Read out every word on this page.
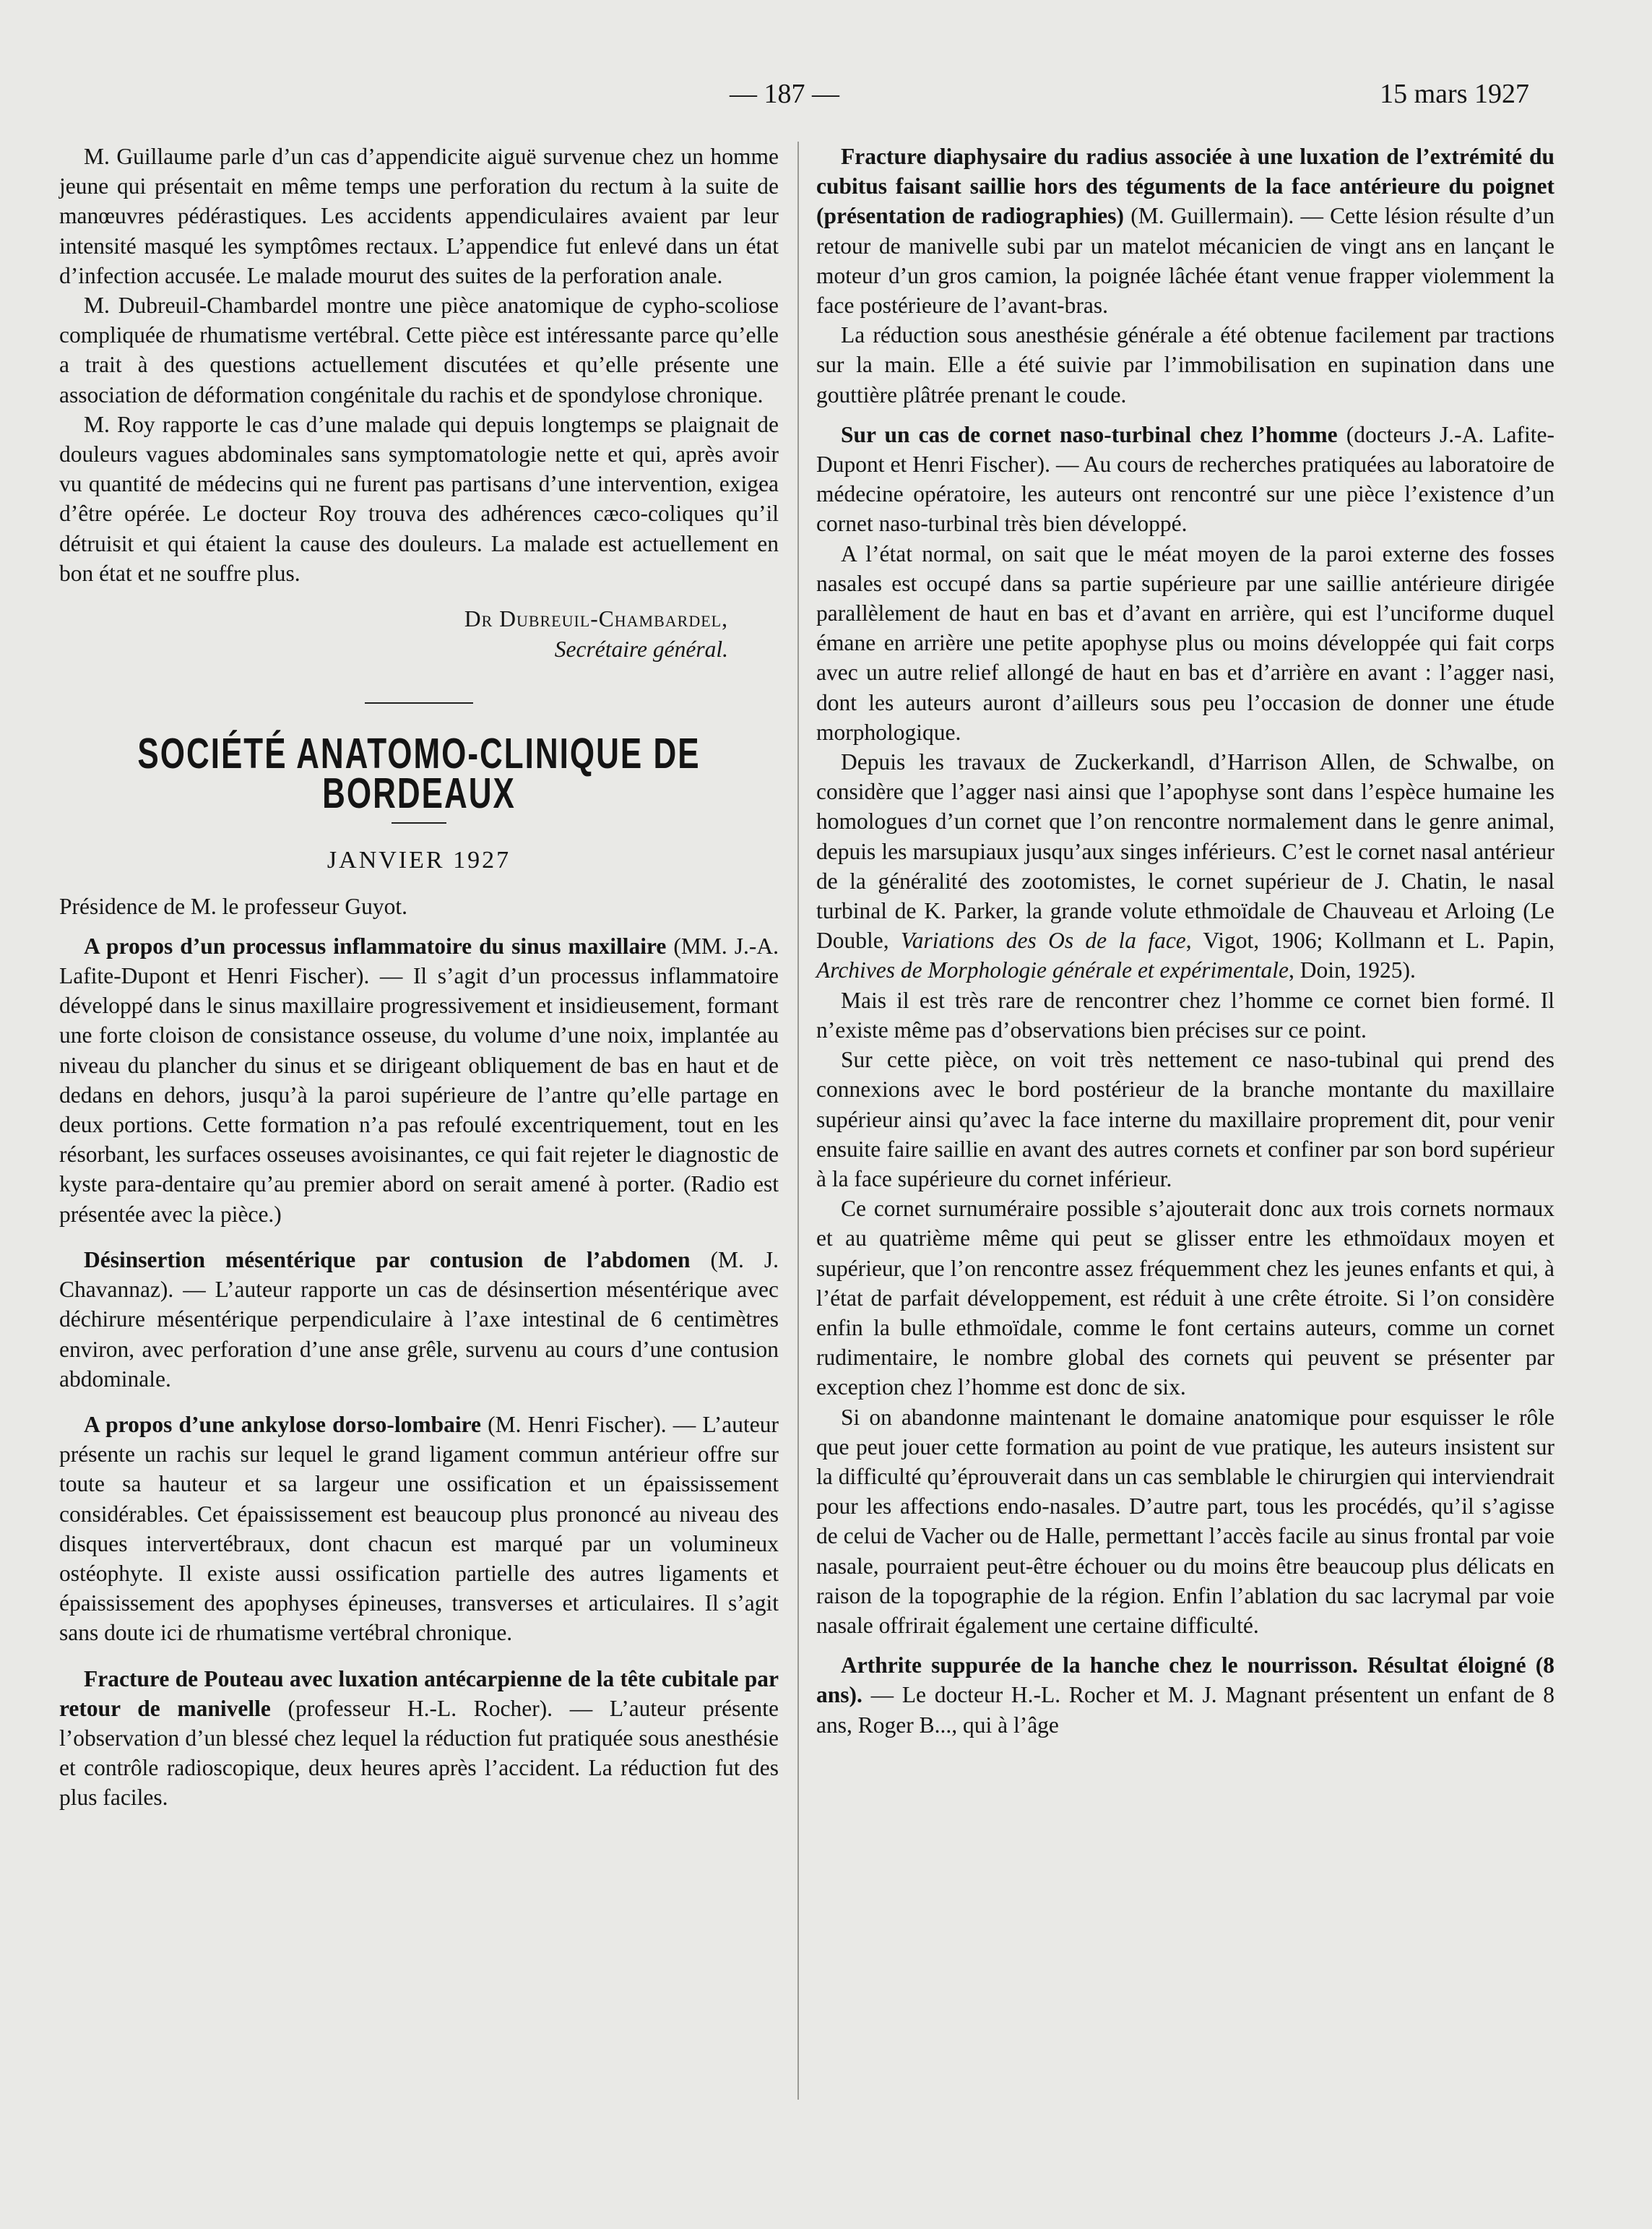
— 187 —	15 mars 1927

M. Guillaume parle d’un cas d’appendicite aiguë survenue chez un homme jeune qui présentait en même temps une perforation du rectum à la suite de manœuvres pédérastiques. Les accidents appendiculaires avaient par leur intensité masqué les symptômes rectaux. L’appendice fut enlevé dans un état d’infection accusée. Le malade mourut des suites de la perforation anale.

M. Dubreuil-Chambardel montre une pièce anatomique de cypho-scoliose compliquée de rhumatisme vertébral. Cette pièce est intéressante parce qu’elle a trait à des questions actuellement discutées et qu’elle présente une association de déformation congénitale du rachis et de spondylose chronique.

M. Roy rapporte le cas d’une malade qui depuis longtemps se plaignait de douleurs vagues abdominales sans symptomatologie nette et qui, après avoir vu quantité de médecins qui ne furent pas partisans d’une intervention, exigea d’être opérée. Le docteur Roy trouva des adhérences cæco-coliques qu’il détruisit et qui étaient la cause des douleurs. La malade est actuellement en bon état et ne souffre plus.

Dr Dubreuil-Chambardel,
Secrétaire général.
SOCIÉTÉ ANATOMO-CLINIQUE DE BORDEAUX
JANVIER 1927

Présidence de M. le professeur Guyot.

A propos d’un processus inflammatoire du sinus maxillaire (MM. J.-A. Lafite-Dupont et Henri Fischer). — Il s’agit d’un processus inflammatoire développé dans le sinus maxillaire progressivement et insidieusement, formant une forte cloison de consistance osseuse, du volume d’une noix, implantée au niveau du plancher du sinus et se dirigeant obliquement de bas en haut et de dedans en dehors, jusqu’à la paroi supérieure de l’antre qu’elle partage en deux portions. Cette formation n’a pas refoulé excentriquement, tout en les résorbant, les surfaces osseuses avoisinantes, ce qui fait rejeter le diagnostic de kyste para-dentaire qu’au premier abord on serait amené à porter. (Radio est présentée avec la pièce.)

Désinsertion mésentérique par contusion de l’abdomen (M. J. Chavannaz). — L’auteur rapporte un cas de désinsertion mésentérique avec déchirure mésentérique perpendiculaire à l’axe intestinal de 6 centimètres environ, avec perforation d’une anse grêle, survenu au cours d’une contusion abdominale.

A propos d’une ankylose dorso-lombaire (M. Henri Fischer). — L’auteur présente un rachis sur lequel le grand ligament commun antérieur offre sur toute sa hauteur et sa largeur une ossification et un épaississement considérables. Cet épaississement est beaucoup plus prononcé au niveau des disques intervertébraux, dont chacun est marqué par un volumineux ostéophyte. Il existe aussi ossification partielle des autres ligaments et épaississement des apophyses épineuses, transverses et articulaires. Il s’agit sans doute ici de rhumatisme vertébral chronique.

Fracture de Pouteau avec luxation antécarpienne de la tête cubitale par retour de manivelle (professeur H.-L. Rocher). — L’auteur présente l’observation d’un blessé chez lequel la réduction fut pratiquée sous anesthésie et contrôle radioscopique, deux heures après l’accident. La réduction fut des plus faciles.

Fracture diaphysaire du radius associée à une luxation de l’extrémité du cubitus faisant saillie hors des téguments de la face antérieure du poignet (présentation de radiographies) (M. Guillermain). — Cette lésion résulte d’un retour de manivelle subi par un matelot mécanicien de vingt ans en lançant le moteur d’un gros camion, la poignée lâchée étant venue frapper violemment la face postérieure de l’avant-bras.

La réduction sous anesthésie générale a été obtenue facilement par tractions sur la main. Elle a été suivie par l’immobilisation en supination dans une gouttière plâtrée prenant le coude.

Sur un cas de cornet naso-turbinal chez l’homme (docteurs J.-A. Lafite-Dupont et Henri Fischer). — Au cours de recherches pratiquées au laboratoire de médecine opératoire, les auteurs ont rencontré sur une pièce l’existence d’un cornet naso-turbinal très bien développé.

A l’état normal, on sait que le méat moyen de la paroi externe des fosses nasales est occupé dans sa partie supérieure par une saillie antérieure dirigée parallèlement de haut en bas et d’avant en arrière, qui est l’unciforme duquel émane en arrière une petite apophyse plus ou moins développée qui fait corps avec un autre relief allongé de haut en bas et d’arrière en avant : l’agger nasi, dont les auteurs auront d’ailleurs sous peu l’occasion de donner une étude morphologique.

Depuis les travaux de Zuckerkandl, d’Harrison Allen, de Schwalbe, on considère que l’agger nasi ainsi que l’apophyse sont dans l’espèce humaine les homologues d’un cornet que l’on rencontre normalement dans le genre animal, depuis les marsupiaux jusqu’aux singes inférieurs. C’est le cornet nasal antérieur de la généralité des zootomistes, le cornet supérieur de J. Chatin, le nasal turbinal de K. Parker, la grande volute ethmoïdale de Chauveau et Arloing (Le Double, Variations des Os de la face, Vigot, 1906; Kollmann et L. Papin, Archives de Morphologie générale et expérimentale, Doin, 1925).

Mais il est très rare de rencontrer chez l’homme ce cornet bien formé. Il n’existe même pas d’observations bien précises sur ce point.

Sur cette pièce, on voit très nettement ce naso-tubinal qui prend des connexions avec le bord postérieur de la branche montante du maxillaire supérieur ainsi qu’avec la face interne du maxillaire proprement dit, pour venir ensuite faire saillie en avant des autres cornets et confiner par son bord supérieur à la face supérieure du cornet inférieur.

Ce cornet surnuméraire possible s’ajouterait donc aux trois cornets normaux et au quatrième même qui peut se glisser entre les ethmoïdaux moyen et supérieur, que l’on rencontre assez fréquemment chez les jeunes enfants et qui, à l’état de parfait développement, est réduit à une crête étroite. Si l’on considère enfin la bulle ethmoïdale, comme le font certains auteurs, comme un cornet rudimentaire, le nombre global des cornets qui peuvent se présenter par exception chez l’homme est donc de six.

Si on abandonne maintenant le domaine anatomique pour esquisser le rôle que peut jouer cette formation au point de vue pratique, les auteurs insistent sur la difficulté qu’éprouverait dans un cas semblable le chirurgien qui interviendrait pour les affections endo-nasales. D’autre part, tous les procédés, qu’il s’agisse de celui de Vacher ou de Halle, permettant l’accès facile au sinus frontal par voie nasale, pourraient peut-être échouer ou du moins être beaucoup plus délicats en raison de la topographie de la région. Enfin l’ablation du sac lacrymal par voie nasale offrirait également une certaine difficulté.

Arthrite suppurée de la hanche chez le nourrisson. Résultat éloigné (8 ans). — Le docteur H.-L. Rocher et M. J. Magnant présentent un enfant de 8 ans, Roger B..., qui à l’âge
